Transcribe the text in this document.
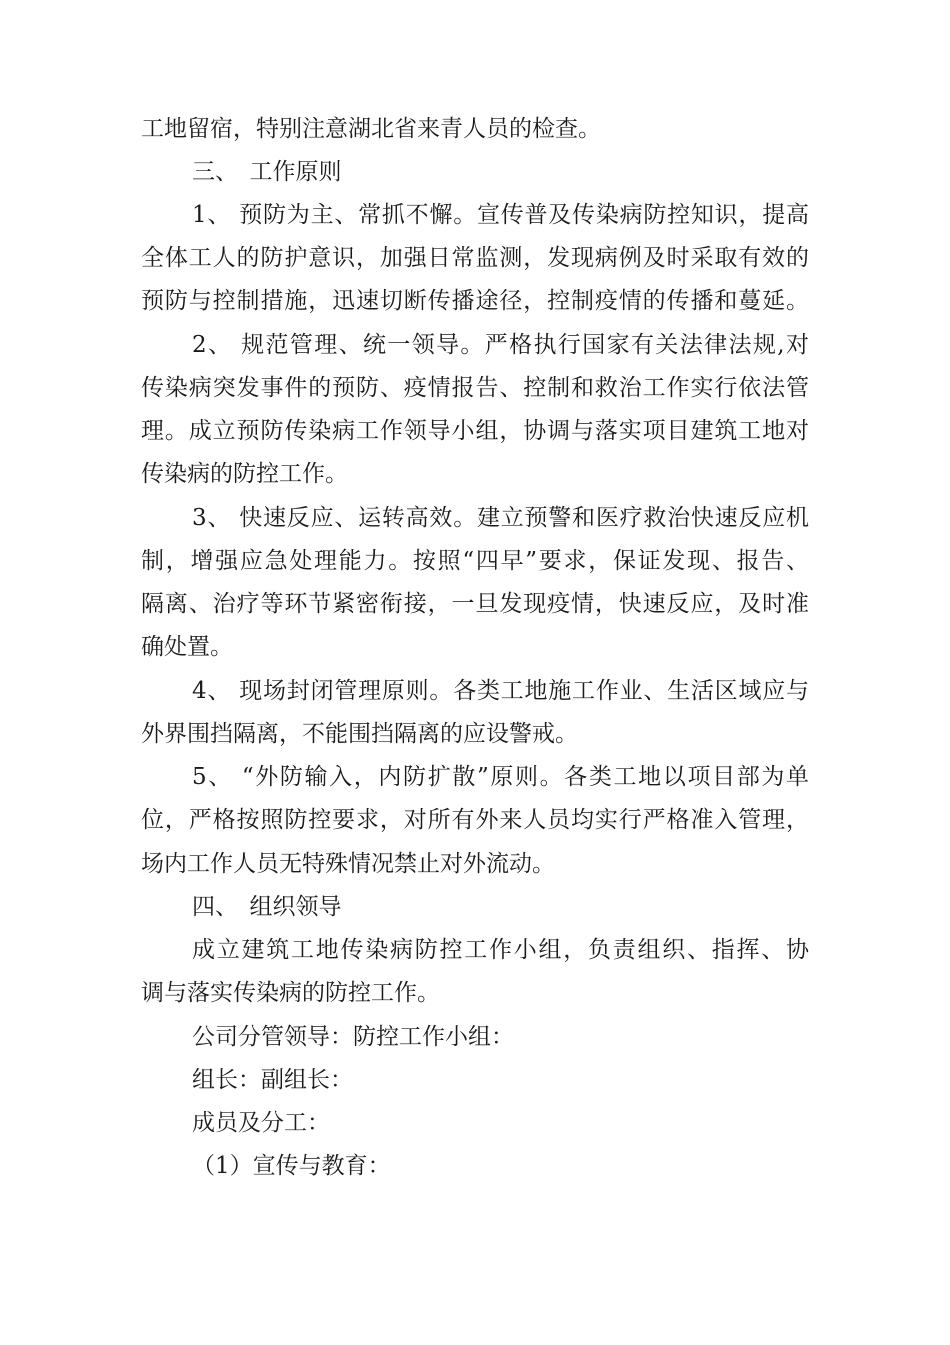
工地留宿，特别注意湖北省来青人员的检查。
三、　工作原则
1、 预防为主、常抓不懈。宣传普及传染病防控知识，提高
全体工人的防护意识，加强日常监测，发现病例及时采取有效的
预防与控制措施，迅速切断传播途径，控制疫情的传播和蔓延。
2、 规范管理、统一领导。严格执行国家有关法律法规,对
传染病突发事件的预防、疫情报告、控制和救治工作实行依法管
理。成立预防传染病工作领导小组，协调与落实项目建筑工地对
传染病的防控工作。
3、 快速反应、运转高效。建立预警和医疗救治快速反应机
制，增强应急处理能力。按照“四早”要求，保证发现、报告、
隔离、治疗等环节紧密衔接，一旦发现疫情，快速反应，及时准
确处置。
4、 现场封闭管理原则。各类工地施工作业、生活区域应与
外界围挡隔离，不能围挡隔离的应设警戒。
5、 “外防输入，内防扩散”原则。各类工地以项目部为单
位，严格按照防控要求，对所有外来人员均实行严格准入管理，
场内工作人员无特殊情况禁止对外流动。
四、　组织领导
成立建筑工地传染病防控工作小组，负责组织、指挥、协
调与落实传染病的防控工作。
公司分管领导：防控工作小组：
组长：副组长：
成员及分工：
（1）宣传与教育：
